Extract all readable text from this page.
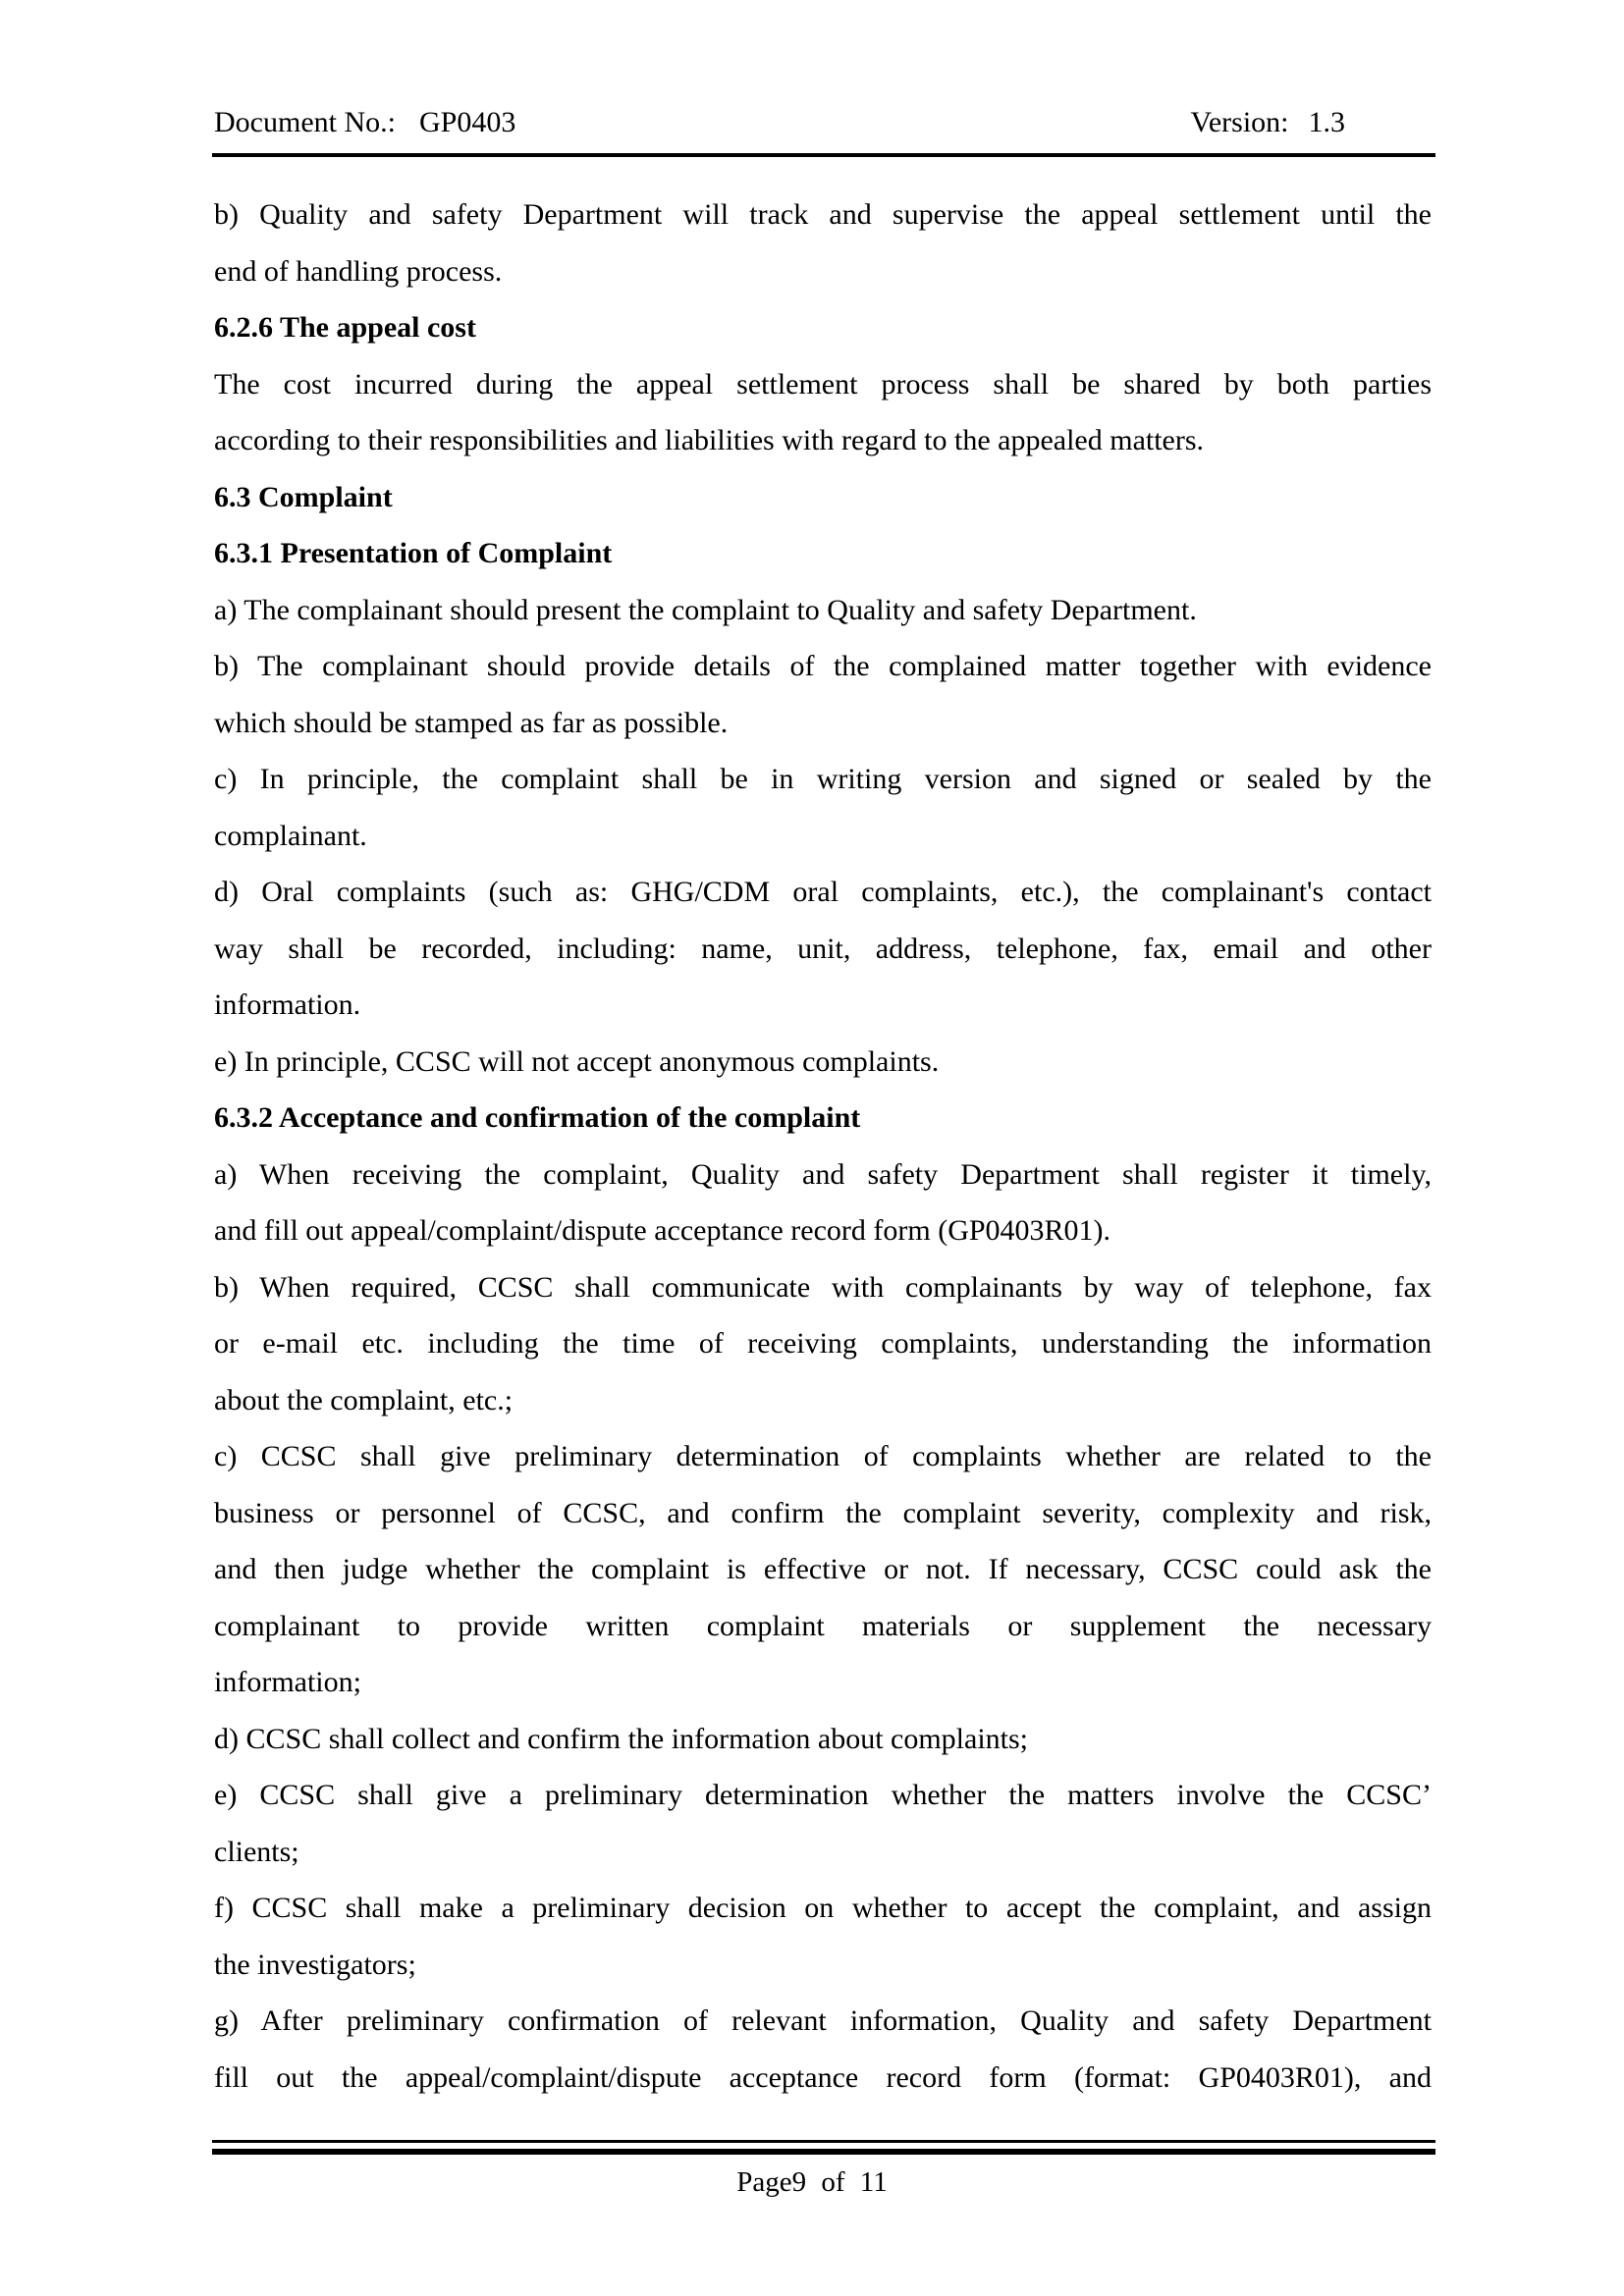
Document No.: GP0403	Version: 1.3
b) Quality and safety Department will track and supervise the appeal settlement until the
end of handling process.
6.2.6 The appeal cost
The cost incurred during the appeal settlement process shall be shared by both parties
according to their responsibilities and liabilities with regard to the appealed matters.
6.3 Complaint
6.3.1 Presentation of Complaint
a) The complainant should present the complaint to Quality and safety Department.
b) The complainant should provide details of the complained matter together with evidence
which should be stamped as far as possible.
c) In principle, the complaint shall be in writing version and signed or sealed by the
complainant.
d) Oral complaints (such as: GHG/CDM oral complaints, etc.), the complainant's contact
way shall be recorded, including: name, unit, address, telephone, fax, email and other
information.
e) In principle, CCSC will not accept anonymous complaints.
6.3.2 Acceptance and confirmation of the complaint
a) When receiving the complaint, Quality and safety Department shall register it timely,
and fill out appeal/complaint/dispute acceptance record form (GP0403R01).
b) When required, CCSC shall communicate with complainants by way of telephone, fax
or e-mail etc. including the time of receiving complaints, understanding the information
about the complaint, etc.;
c) CCSC shall give preliminary determination of complaints whether are related to the
business or personnel of CCSC, and confirm the complaint severity, complexity and risk,
and then judge whether the complaint is effective or not. If necessary, CCSC could ask the
complainant to provide written complaint materials or supplement the necessary
information;
d) CCSC shall collect and confirm the information about complaints;
e) CCSC shall give a preliminary determination whether the matters involve the CCSC’
clients;
f) CCSC shall make a preliminary decision on whether to accept the complaint, and assign
the investigators;
g) After preliminary confirmation of relevant information, Quality and safety Department
fill out the appeal/complaint/dispute acceptance record form (format: GP0403R01), and
Page9 of 11
